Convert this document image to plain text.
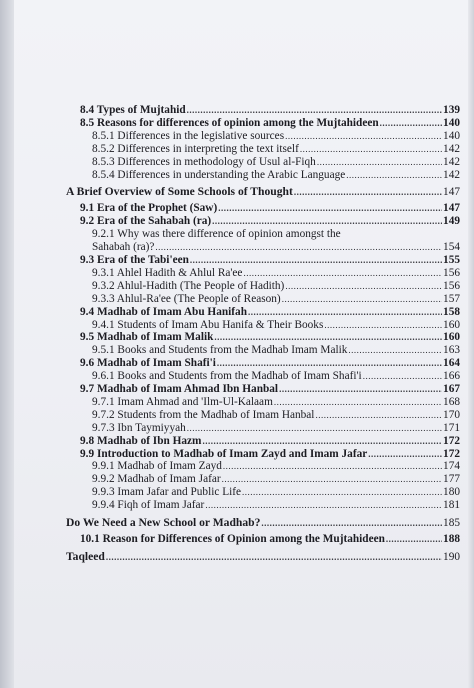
8.4 Types of Mujtahid .....	139
8.5 Reasons for differences of opinion among the Mujtahideen .....	140
8.5.1 Differences in the legislative sources .....	140
8.5.2 Differences in interpreting the text itself .....	142
8.5.3 Differences in methodology of Usul al-Fiqh .....	142
8.5.4 Differences in understanding the Arabic Language .....	142
A Brief Overview of Some Schools of Thought .....	147
9.1 Era of the Prophet (Saw) .....	147
9.2 Era of the Sahabah (ra) .....	149
9.2.1 Why was there difference of opinion amongst the
Sahabah (ra)? .....	154
9.3 Era of the Tabi'een .....	155
9.3.1 Ahlel Hadith & Ahlul Ra'ee .....	156
9.3.2 Ahlul-Hadith (The People of Hadith) .....	156
9.3.3 Ahlul-Ra'ee (The People of Reason) .....	157
9.4 Madhab of Imam Abu Hanifah .....	158
9.4.1 Students of Imam Abu Hanifa & Their Books .....	160
9.5 Madhab of Imam Malik .....	160
9.5.1 Books and Students from the Madhab Imam Malik .....	163
9.6 Madhab of Imam Shafi'i .....	164
9.6.1 Books and Students from the Madhab of Imam Shafi'i .....	166
9.7 Madhab of Imam Ahmad Ibn Hanbal .....	167
9.7.1 Imam Ahmad and 'Ilm-Ul-Kalaam .....	168
9.7.2 Students from the Madhab of Imam Hanbal .....	170
9.7.3 Ibn Taymiyyah .....	171
9.8 Madhab of Ibn Hazm .....	172
9.9 Introduction to Madhab of Imam Zayd and Imam Jafar .....	172
9.9.1 Madhab of Imam Zayd .....	174
9.9.2 Madhab of Imam Jafar .....	177
9.9.3 Imam Jafar and Public Life .....	180
9.9.4 Fiqh of Imam Jafar .....	181
Do We Need a New School or Madhab? .....	185
10.1 Reason for Differences of Opinion among the Mujtahideen .....	188
Taqleed .....	190
